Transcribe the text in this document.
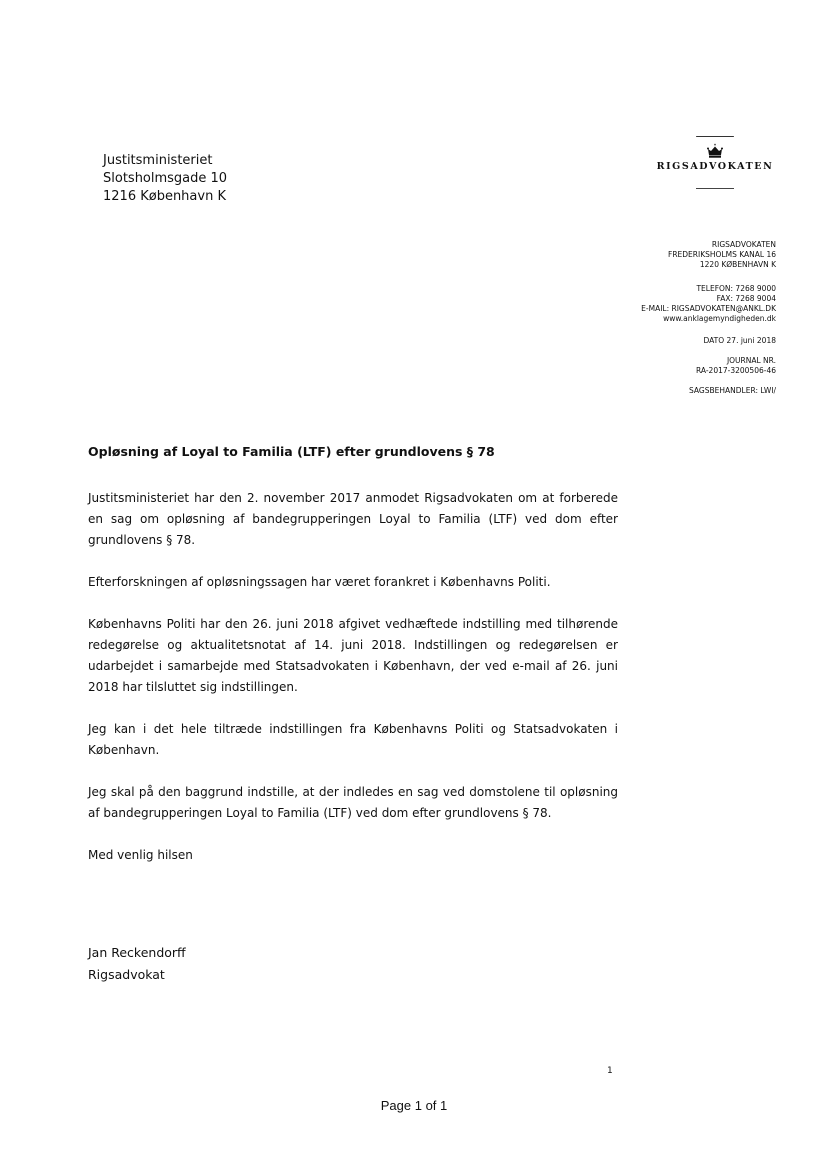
Justitsministeriet
Slotsholmsgade 10
1216 København K
RIGSADVOKATEN
RIGSADVOKATEN
FREDERIKSHOLMS KANAL 16
1220 KØBENHAVN K
TELEFON: 7268 9000
FAX: 7268 9004
E-MAIL: RIGSADVOKATEN@ANKL.DK
www.anklagemyndigheden.dk
DATO 27. juni 2018
JOURNAL NR.
RA-2017-3200506-46
SAGSBEHANDLER: LWI/
Opløsning af Loyal to Familia (LTF) efter grundlovens § 78

Justitsministeriet har den 2. november 2017 anmodet Rigsadvokaten om at forberede en sag om opløsning af bandegrupperingen Loyal to Familia (LTF) ved dom efter grundlovens § 78.

Efterforskningen af opløsningssagen har været forankret i Københavns Politi.

Københavns Politi har den 26. juni 2018 afgivet vedhæftede indstilling med tilhørende redegørelse og aktualitetsnotat af 14. juni 2018. Indstillingen og redegørelsen er udarbejdet i samarbejde med Statsadvokaten i København, der ved e-mail af 26. juni 2018 har tilsluttet sig indstillingen.

Jeg kan i det hele tiltræde indstillingen fra Københavns Politi og Statsadvokaten i København.

Jeg skal på den baggrund indstille, at der indledes en sag ved domstolene til opløsning af bandegrupperingen Loyal to Familia (LTF) ved dom efter grundlovens § 78.

Med venlig hilsen

Jan Reckendorff
Rigsadvokat
1
Page 1 of 1
